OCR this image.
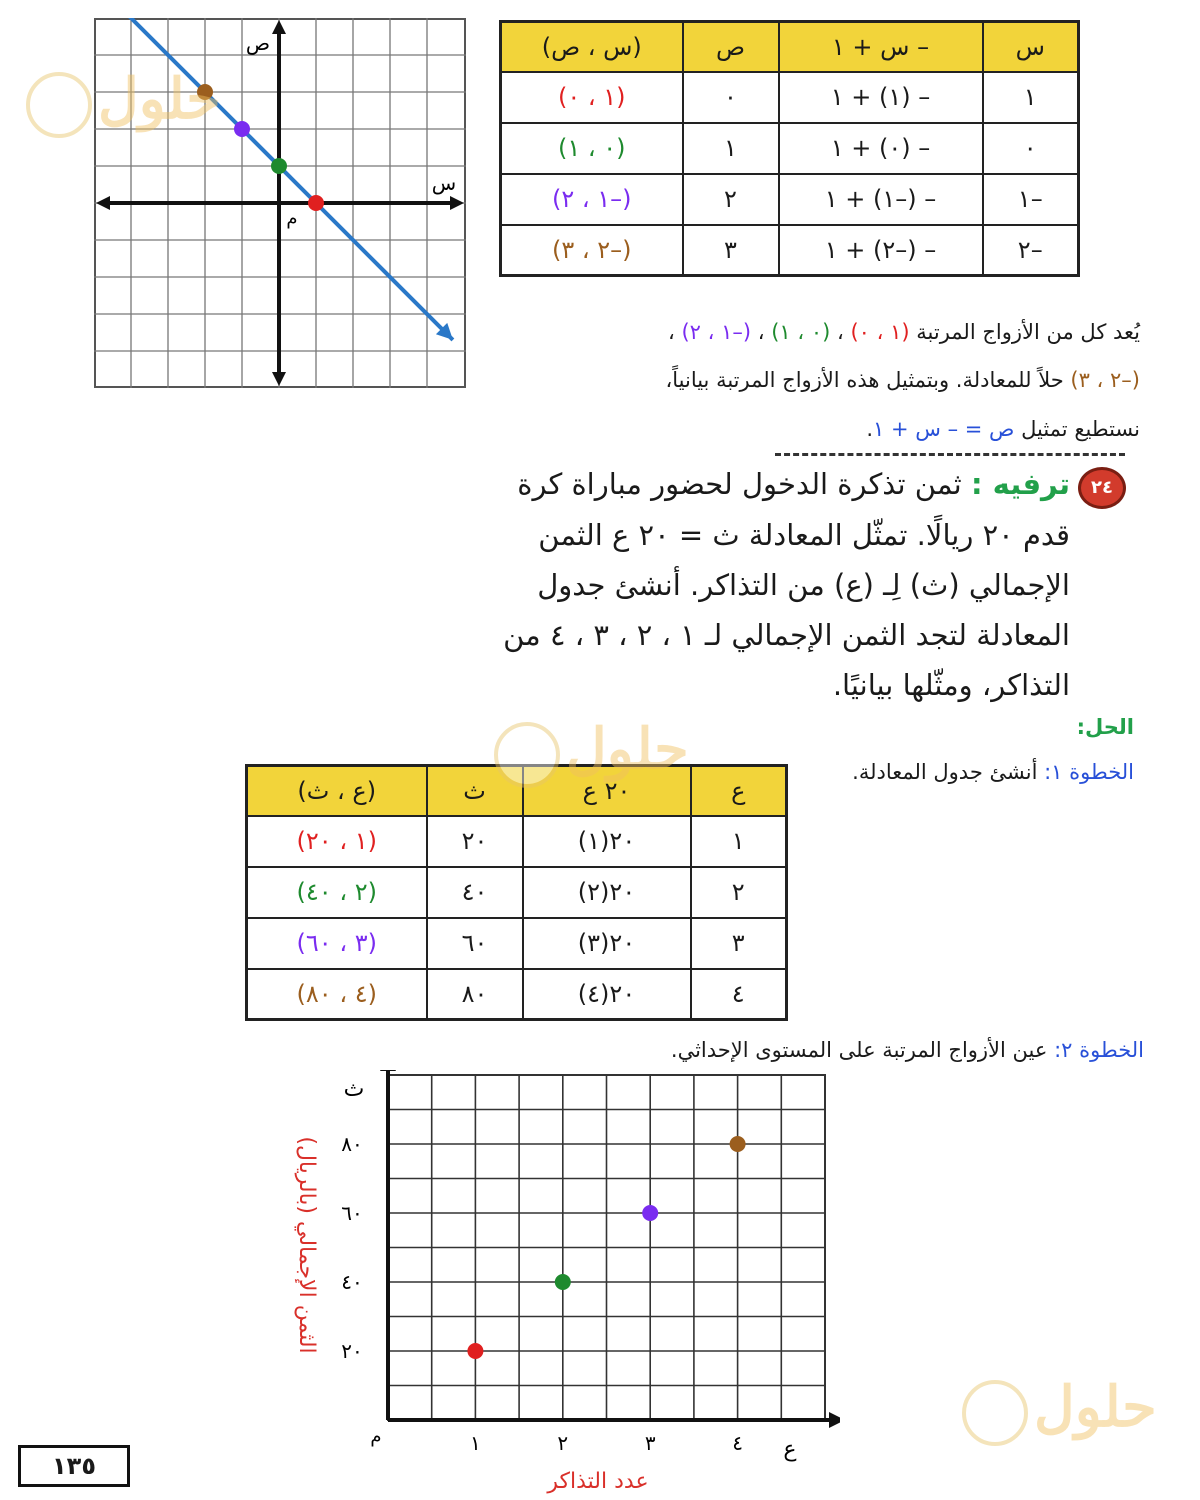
س	– س + ١	ص	(س ، ص)
١	– (١) + ١	٠	(١ ، ٠)
٠	– (٠) + ١	١	(٠ ، ١)
–١	– (–١) + ١	٢	(–١ ، ٢)
–٢	– (–٢) + ١	٣	(–٢ ، ٣)
ص
س
م
يُعد كل من الأزواج المرتبة (١ ، ٠) ، (٠ ، ١) ، (–١ ، ٢) ،
(–٢ ، ٣) حلاً للمعادلة. وبتمثيل هذه الأزواج المرتبة بيانياً،
نستطيع تمثيل ص = – س + ١.
٢٤
ترفيه : ثمن تذكرة الدخول لحضور مباراة كرة
قدم ٢٠ ريالًا. تمثّل المعادلة ث = ٢٠ ع الثمن
الإجمالي (ث) لِـ (ع) من التذاكر. أنشئ جدول
المعادلة لتجد الثمن الإجمالي لـ ١ ، ٢ ، ٣ ، ٤ من
التذاكر، ومثّلها بيانيًا.
الحل:
الخطوة ١: أنشئ جدول المعادلة.
ع	٢٠ ع	ث	(ع ، ث)
١	٢٠(١)	٢٠	(١ ، ٢٠)
٢	٢٠(٢)	٤٠	(٢ ، ٤٠)
٣	٢٠(٣)	٦٠	(٣ ، ٦٠)
٤	٢٠(٤)	٨٠	(٤ ، ٨٠)
الخطوة ٢: عين الأزواج المرتبة على المستوى الإحداثي.
١	٢	٣	٤
٢٠
٤٠
٦٠
٨٠
ث
ع
م
عدد التذاكر
الثمن الإجمالي (بالريال)
١٣٥
حلول
حلول
حلول
